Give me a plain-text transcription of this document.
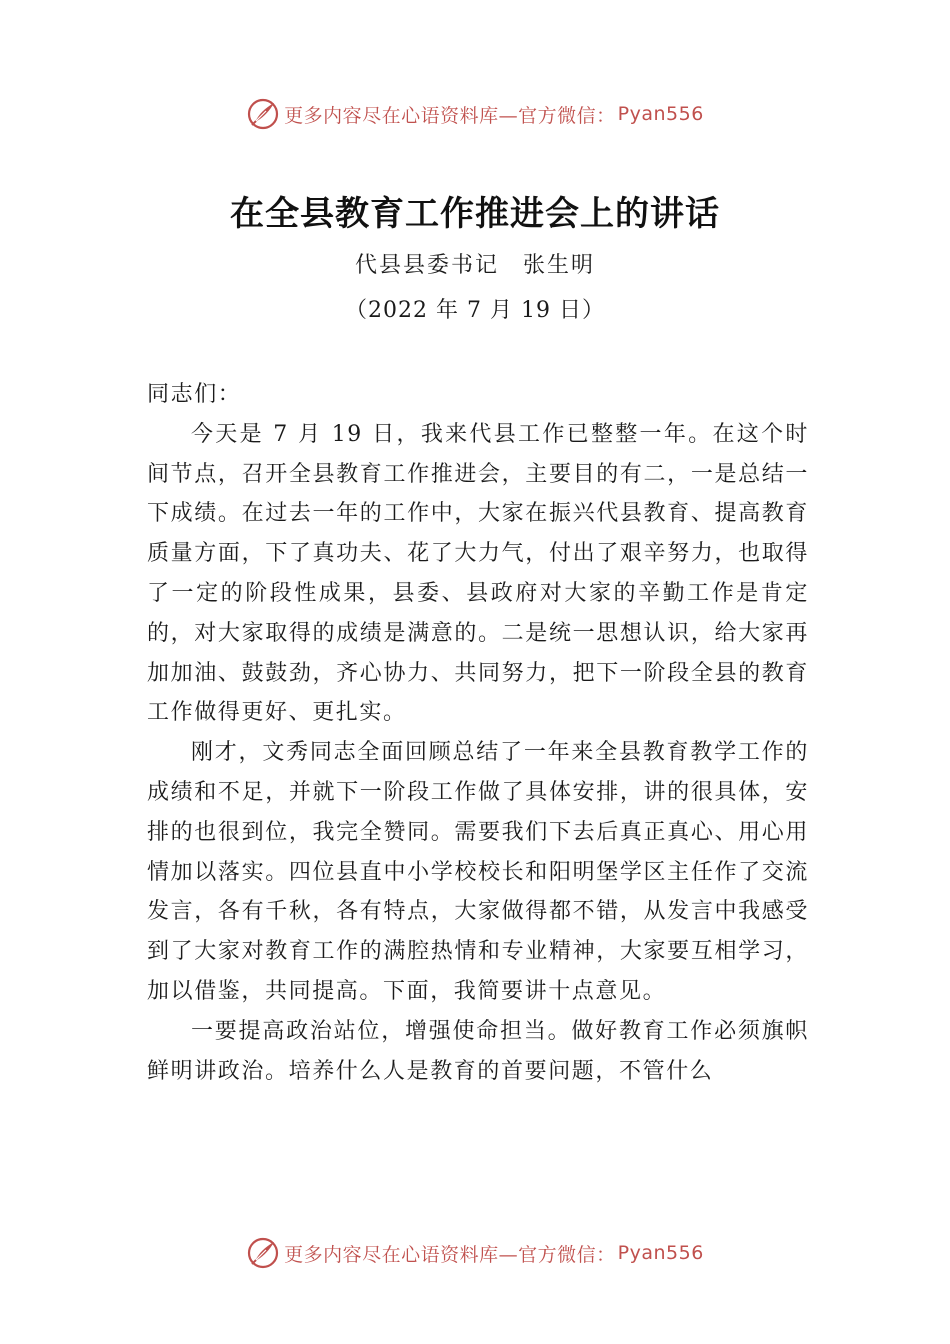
更多内容尽在心语资料库—官方微信： Pyan556
在全县教育工作推进会上的讲话
代县县委书记　张生明
（2022 年 7 月 19 日）

同志们：

今天是 7 月 19 日，我来代县工作已整整一年。在这个时间节点，召开全县教育工作推进会，主要目的有二，一是总结一下成绩。在过去一年的工作中，大家在振兴代县教育、提高教育质量方面，下了真功夫、花了大力气，付出了艰辛努力，也取得了一定的阶段性成果，县委、县政府对大家的辛勤工作是肯定的，对大家取得的成绩是满意的。二是统一思想认识，给大家再加加油、鼓鼓劲，齐心协力、共同努力，把下一阶段全县的教育工作做得更好、更扎实。

刚才，文秀同志全面回顾总结了一年来全县教育教学工作的成绩和不足，并就下一阶段工作做了具体安排，讲的很具体，安排的也很到位，我完全赞同。需要我们下去后真正真心、用心用情加以落实。四位县直中小学校校长和阳明堡学区主任作了交流发言，各有千秋，各有特点，大家做得都不错，从发言中我感受到了大家对教育工作的满腔热情和专业精神，大家要互相学习，加以借鉴，共同提高。下面，我简要讲十点意见。

一要提高政治站位，增强使命担当。做好教育工作必须旗帜鲜明讲政治。培养什么人是教育的首要问题，不管什么

更多内容尽在心语资料库—官方微信： Pyan556
